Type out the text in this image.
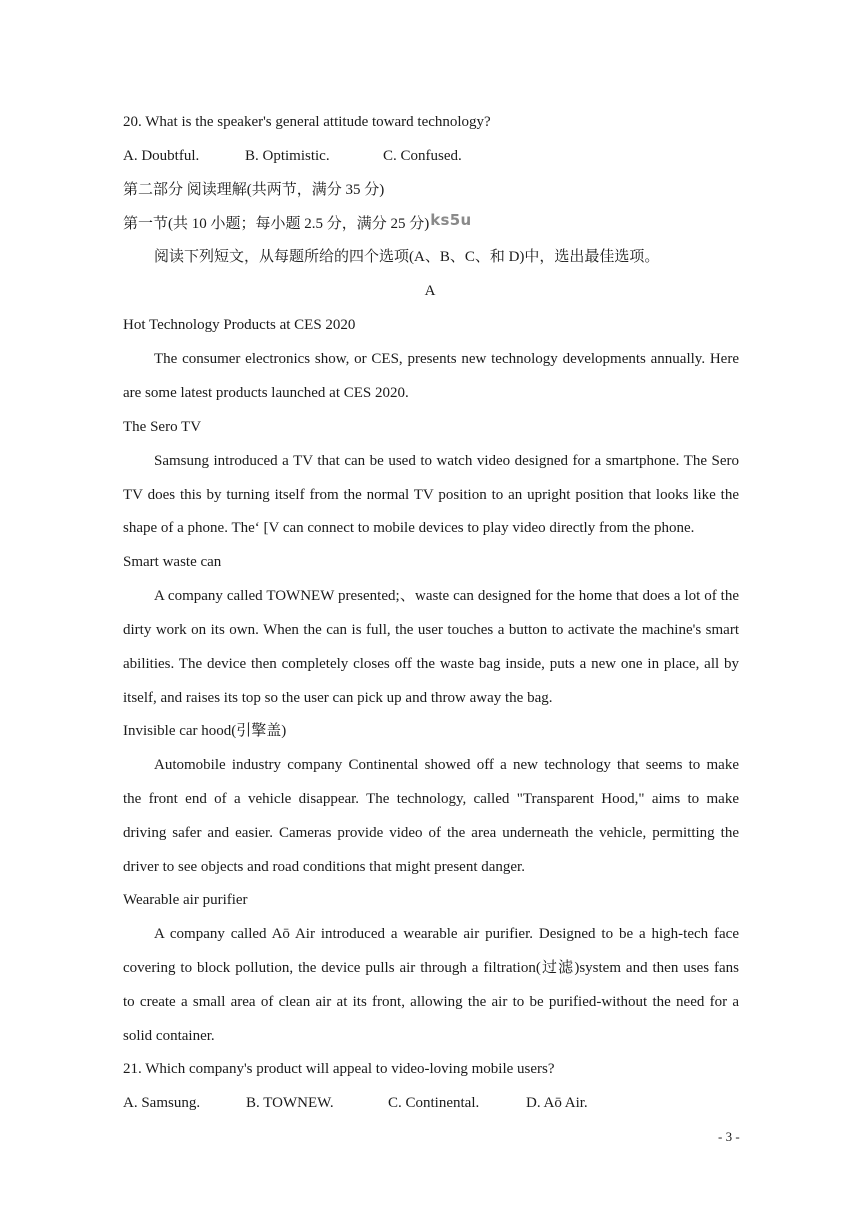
20. What is the speaker's general attitude toward technology?
A. Doubtful.	B. Optimistic.	C. Confused.
第二部分 阅读理解(共两节，满分 35 分)
第一节(共 10 小题；每小题 2.5 分，满分 25 分)ks5u
阅读下列短文，从每题所给的四个选项(A、B、C、和 D)中，选出最佳选项。
A
Hot Technology Products at CES 2020
The consumer electronics show, or CES, presents new technology developments annually. Here
are some latest products launched at CES 2020.
The Sero TV
Samsung introduced a TV that can be used to watch video designed for a smartphone. The Sero
TV does this by turning itself from the normal TV position to an upright position that looks like the
shape of a phone. The‘ [V can connect to mobile devices to play video directly from the phone.
Smart waste can
A company called TOWNEW presented;、waste can designed for the home that does a lot of the
dirty work on its own. When the can is full, the user touches a button to activate the machine's smart
abilities. The device then completely closes off the waste bag inside, puts a new one in place, all by
itself, and raises its top so the user can pick up and throw away the bag.
Invisible car hood(引擎盖)
Automobile industry company Continental showed off a new technology that seems to make
the front end of a vehicle disappear. The technology, called "Transparent Hood," aims to make
driving safer and easier. Cameras provide video of the area underneath the vehicle, permitting the
driver to see objects and road conditions that might present danger.
Wearable air purifier
A company called Aō Air introduced a wearable air purifier. Designed to be a high-tech face
covering to block pollution, the device pulls air through a filtration(过滤)system and then uses fans
to create a small area of clean air at its front, allowing the air to be purified-without the need for a
solid container.
21. Which company's product will appeal to video-loving mobile users?
A. Samsung.	B. TOWNEW.	C. Continental.	D. Aō Air.
- 3 -
